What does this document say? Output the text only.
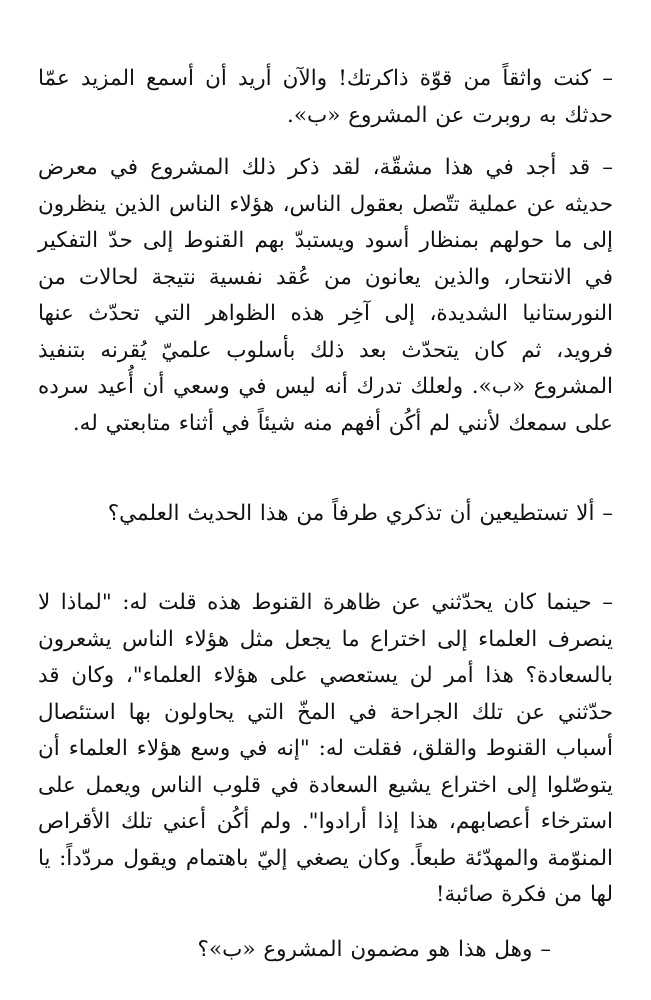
– كنت واثقاً من قوّة ذاكرتك! والآن أريد أن أسمع المزيد عمّا حدثك به روبرت عن المشروع «ب».

– قد أجد في هذا مشقّة، لقد ذكر ذلك المشروع في معرض حديثه عن عملية تتّصل بعقول الناس، هؤلاء الناس الذين ينظرون إلى ما حولهم بمنظار أسود ويستبدّ بهم القنوط إلى حدّ التفكير في الانتحار، والذين يعانون من عُقد نفسية نتيجة لحالات من النورستانيا الشديدة، إلى آخِر هذه الظواهر التي تحدّث عنها فرويد، ثم كان يتحدّث بعد ذلك بأسلوب علميّ يُقرنه بتنفيذ المشروع «ب». ولعلك تدرك أنه ليس في وسعي أن أُعيد سرده على سمعك لأنني لم أكُن أفهم منه شيئاً في أثناء متابعتي له.

– ألا تستطيعين أن تذكري طرفاً من هذا الحديث العلمي؟

– حينما كان يحدّثني عن ظاهرة القنوط هذه قلت له: "لماذا لا ينصرف العلماء إلى اختراع ما يجعل مثل هؤلاء الناس يشعرون بالسعادة؟ هذا أمر لن يستعصي على هؤلاء العلماء"، وكان قد حدّثني عن تلك الجراحة في المخّ التي يحاولون بها استئصال أسباب القنوط والقلق، فقلت له: "إنه في وسع هؤلاء العلماء أن يتوصّلوا إلى اختراع يشيع السعادة في قلوب الناس ويعمل على استرخاء أعصابهم، هذا إذا أرادوا". ولم أكُن أعني تلك الأقراص المنوّمة والمهدّئة طبعاً. وكان يصغي إليّ باهتمام ويقول مردّداً: يا لها من فكرة صائبة!

– وهل هذا هو مضمون المشروع «ب»؟
